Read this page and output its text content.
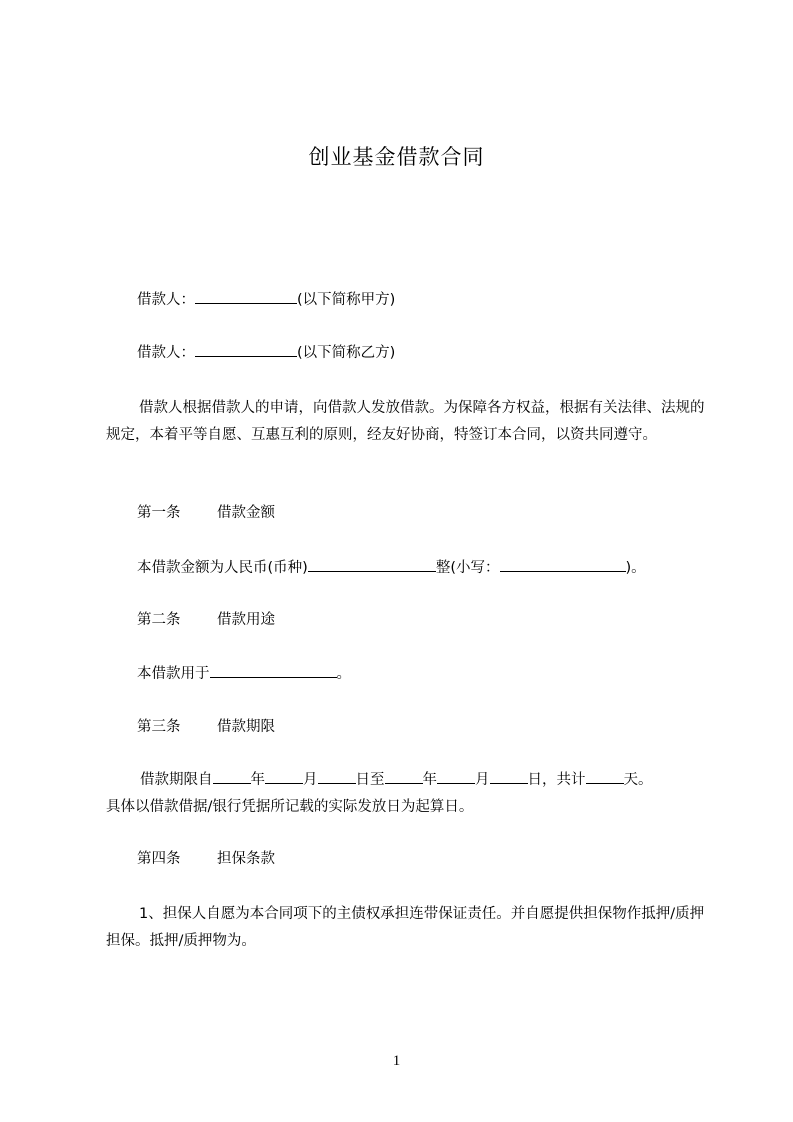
创业基金借款合同
借款人：	(以下简称甲方)
借款人：	(以下简称乙方)
借款人根据借款人的申请，向借款人发放借款。为保障各方权益，根据有关法律、法规的规定，本着平等自愿、互惠互利的原则，经友好协商，特签订本合同，以资共同遵守。
第一条	借款金额
本借款金额为人民币(币种)	整(小写：	)。
第二条	借款用途
本借款用于	。
第三条	借款期限
借款期限自	年	月	日至	年	月	日，共计	天。
具体以借款借据/银行凭据所记载的实际发放日为起算日。
第四条	担保条款
1、担保人自愿为本合同项下的主债权承担连带保证责任。并自愿提供担保物作抵押/质押担保。抵押/质押物为。
1
